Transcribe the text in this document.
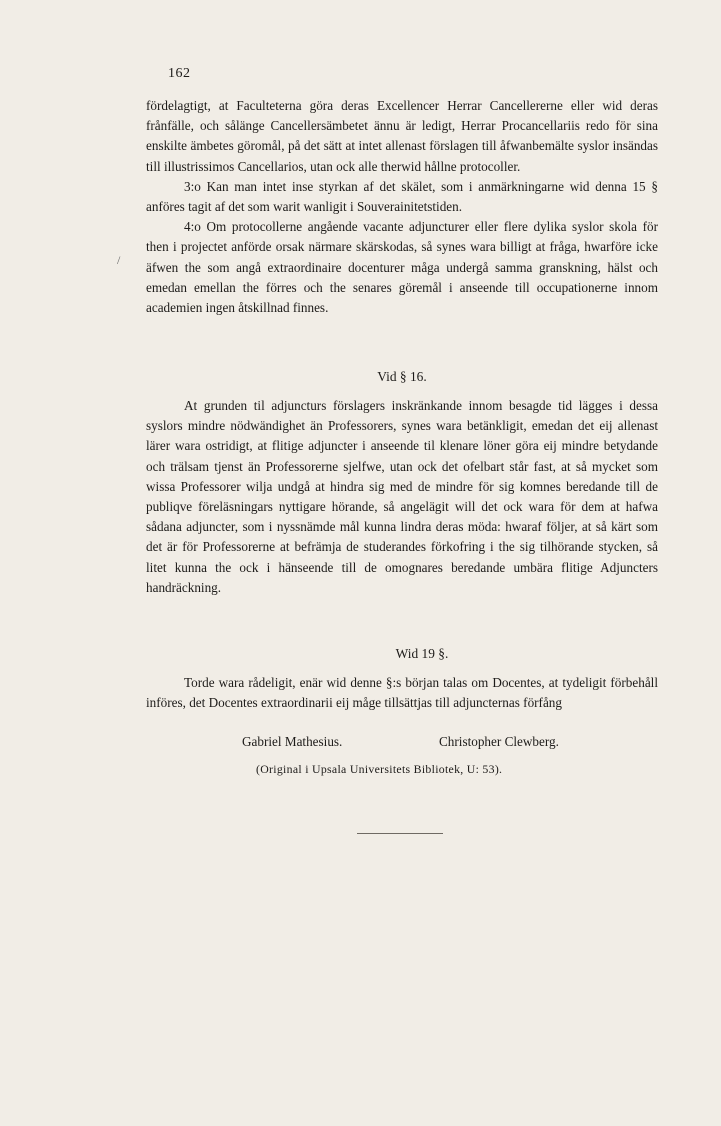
162
/

fördelagtigt, at Faculteterna göra deras Excellencer Herrar Cancellererne eller wid deras frånfälle, och sålänge Cancellersämbetet ännu är ledigt, Herrar Procancellariis redo för sina enskilte ämbetes göromål, på det sätt at intet allenast förslagen till åfwanbemälte syslor insändas till illustrissimos Cancellarios, utan ock alle therwid hållne protocoller.

3:o Kan man intet inse styrkan af det skälet, som i anmärkningarne wid denna 15 § anföres tagit af det som warit wanligit i Souverainitetstiden.

4:o Om protocollerne angående vacante adjuncturer eller flere dylika syslor skola för then i projectet anförde orsak närmare skärskodas, så synes wara billigt at fråga, hwarföre icke äfwen the som angå extraordinaire docenturer måga undergå samma granskning, hälst och emedan emellan the förres och the senares göremål i anseende till occupationerne innom academien ingen åtskillnad finnes.

Vid § 16.

At grunden til adjuncturs förslagers inskränkande innom besagde tid lägges i dessa syslors mindre nödwändighet än Professorers, synes wara betänkligit, emedan det eij allenast lärer wara ostridigt, at flitige adjuncter i anseende til klenare löner göra eij mindre betydande och trälsam tjenst än Professorerne sjelfwe, utan ock det ofelbart står fast, at så mycket som wissa Professorer wilja undgå at hindra sig med de mindre för sig komnes beredande till de publiqve föreläsningars nyttigare hörande, så angelägit will det ock wara för dem at hafwa sådana adjuncter, som i nyssnämde mål kunna lindra deras möda: hwaraf följer, at så kärt som det är för Professorerne at befrämja de studerandes förkofring i the sig tilhörande stycken, så litet kunna the ock i hänseende till de omognares beredande umbära flitige Adjuncters handräckning.

Wid 19 §.

Torde wara rådeligit, enär wid denne §:s början talas om Docentes, at tydeligit förbehåll införes, det Docentes extraordinarii eij måge tillsättjas till adjuncternas förfång

Gabriel Mathesius.	Christopher Clewberg.
(Original i Upsala Universitets Bibliotek, U: 53).
